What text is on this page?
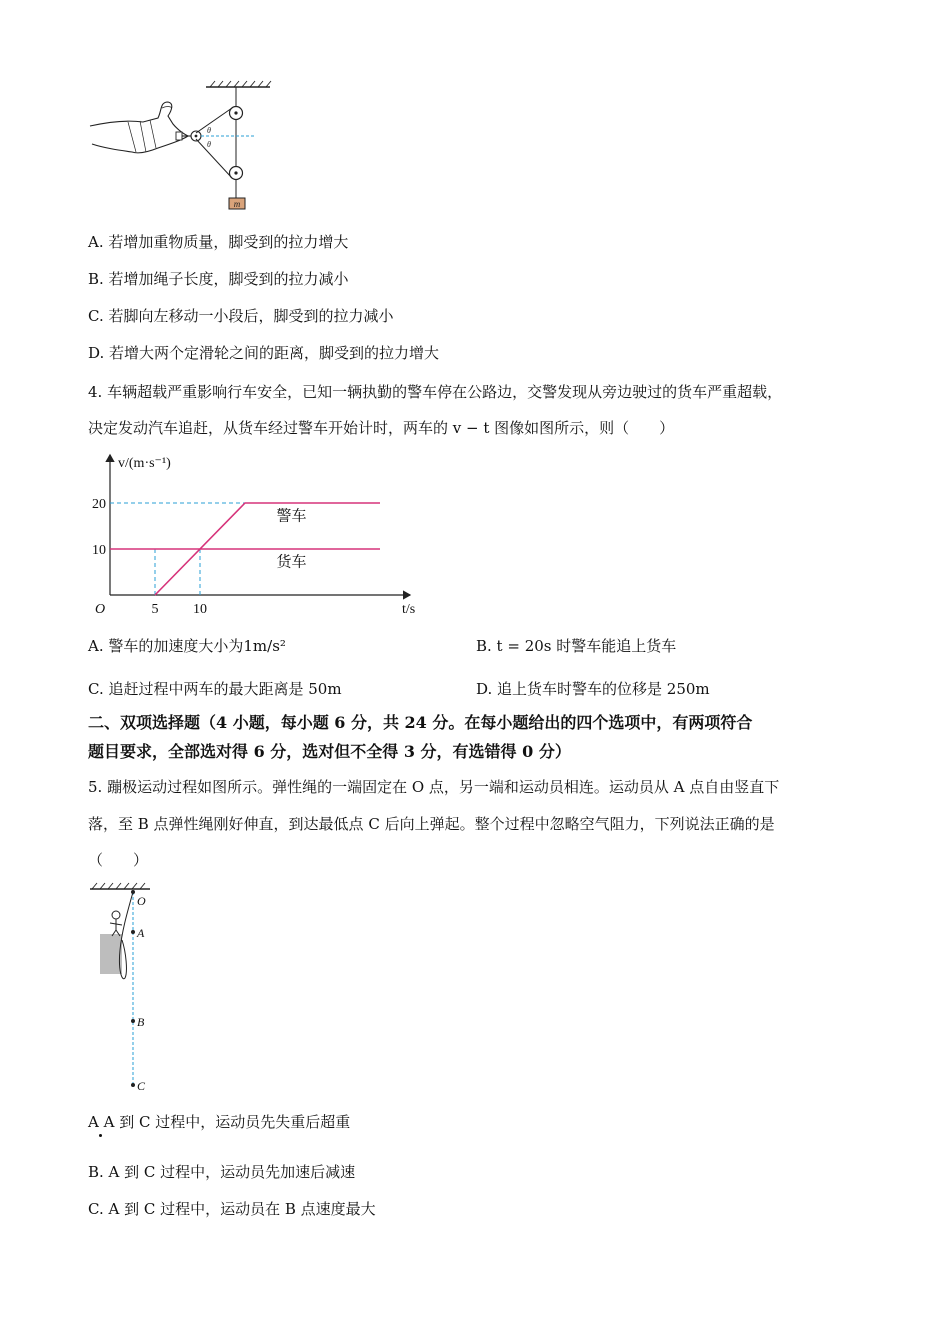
θ
θ
m
A. 若增加重物质量，脚受到的拉力增大
B. 若增加绳子长度，脚受到的拉力减小
C. 若脚向左移动一小段后，脚受到的拉力减小
D. 若增大两个定滑轮之间的距离，脚受到的拉力增大
4. 车辆超载严重影响行车安全，已知一辆执勤的警车停在公路边，交警发现从旁边驶过的货车严重超载，
决定发动汽车追赶，从货车经过警车开始计时，两车的 v − t 图像如图所示，则（　　）
v/(m·s⁻¹)
t/s
O	5 10
10
20
警车
货车
A. 警车的加速度大小为1m/s²	B. t = 20s 时警车能追上货车
C. 追赶过程中两车的最大距离是 50m	D. 追上货车时警车的位移是 250m
二、双项选择题（4 小题，每小题 6 分，共 24 分。在每小题给出的四个选项中，有两项符合
题目要求，全部选对得 6 分，选对但不全得 3 分，有选错得 0 分）
5. 蹦极运动过程如图所示。弹性绳的一端固定在 O 点，另一端和运动员相连。运动员从 A 点自由竖直下
落，至 B 点弹性绳刚好伸直，到达最低点 C 后向上弹起。整个过程中忽略空气阻力，下列说法正确的是
（　　）
O
A
B
C
A A 到 C 过程中，运动员先失重后超重
B. A 到 C 过程中，运动员先加速后减速
C. A 到 C 过程中，运动员在 B 点速度最大
